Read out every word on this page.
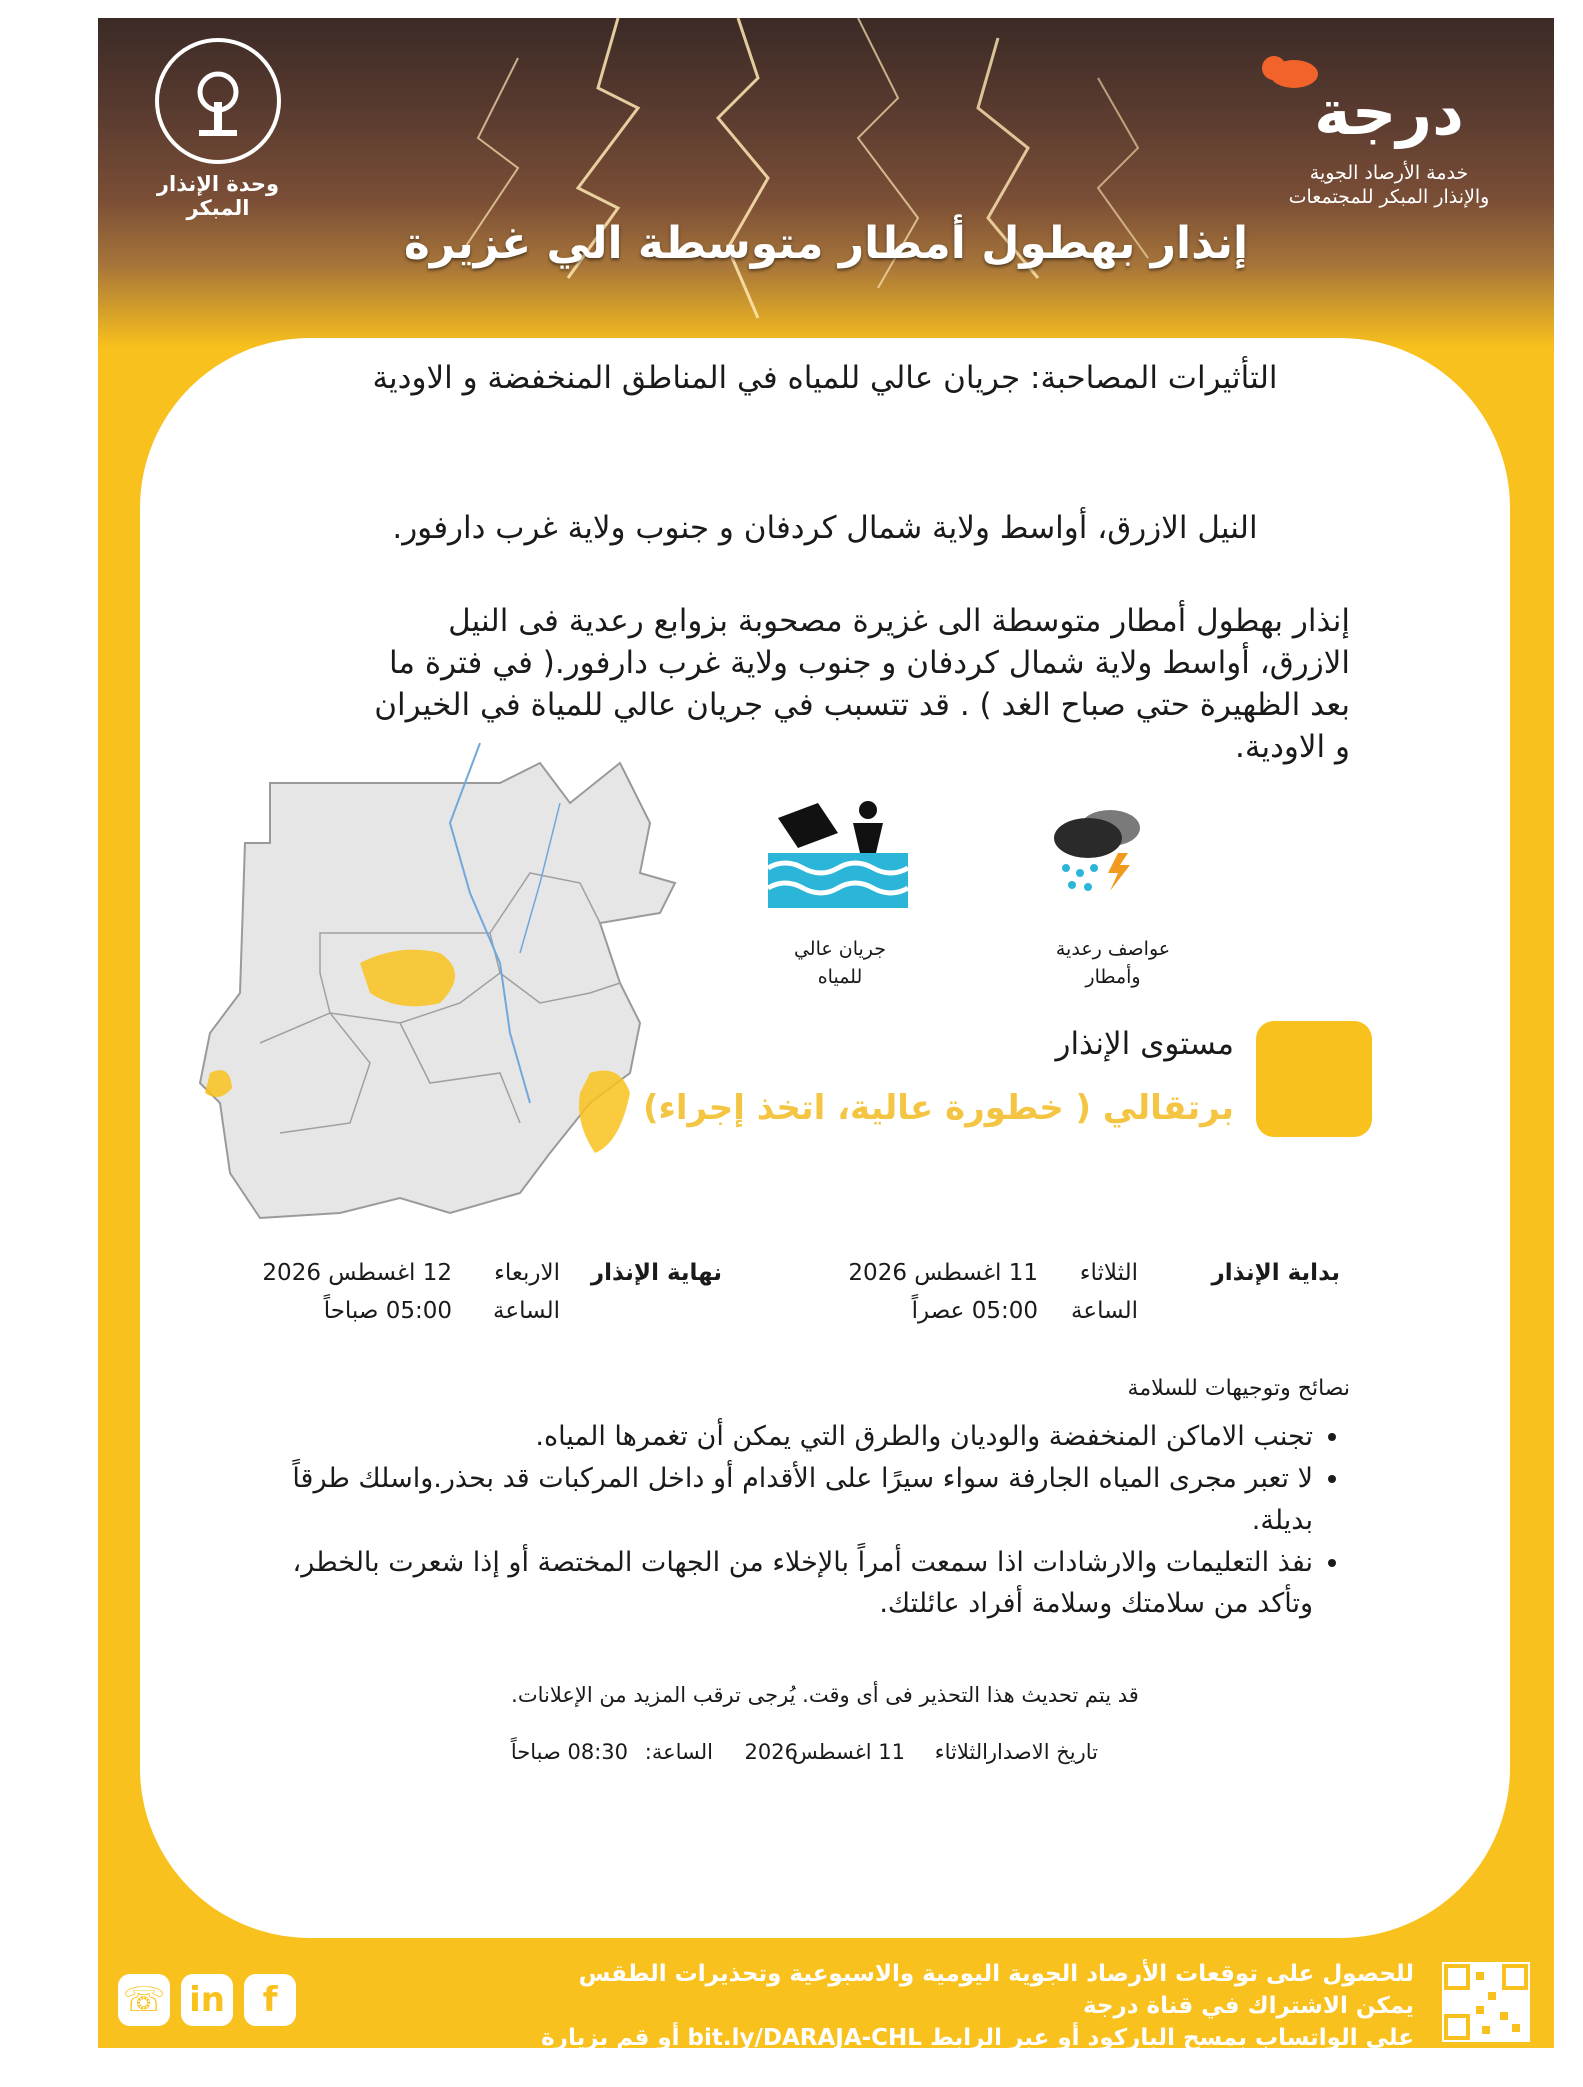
وحدة الإنذار المبكر
درجة
خدمة الأرصاد الجوية
والإنذار المبكر للمجتمعات
إنذار بهطول أمطار متوسطة الي غزيرة
التأثيرات المصاحبة: جريان عالي للمياه في المناطق المنخفضة و الاودية
النيل الازرق، أواسط ولاية شمال كردفان و جنوب ولاية غرب دارفور.
إنذار بهطول أمطار متوسطة الى غزيرة مصحوبة بزوابع رعدية فى النيل الازرق، أواسط ولاية شمال كردفان و جنوب ولاية غرب دارفور.( في فترة ما بعد الظهيرة حتي صباح الغد ) . قد تتسبب في جريان عالي للمياة في الخيران و الاودية.
جريان عالي
للمياه
عواصف رعدية
وأمطار
مستوى الإنذار
برتقالي ( خطورة عالية، اتخذ إجراء)
بداية الإنذار
الثلاثاء
الساعة
11 اغسطس 2026
05:00 عصراً
نهاية الإنذار
الاربعاء
الساعة
12 اغسطس 2026
05:00 صباحاً
نصائح وتوجيهات للسلامة
• تجنب الاماكن المنخفضة والوديان والطرق التي يمكن أن تغمرها المياه.
• لا تعبر مجرى المياه الجارفة سواء سيرًا على الأقدام أو داخل المركبات قد بحذر.واسلك طرقاً بديلة.
• نفذ التعليمات والارشادات اذا سمعت أمراً بالإخلاء من الجهات المختصة أو إذا شعرت بالخطر، وتأكد من سلامتك وسلامة أفراد عائلتك.
قد يتم تحديث هذا التحذير فى أى وقت. يُرجى ترقب المزيد من الإعلانات.
تاريخ الاصدار
الثلاثاء
11 اغسطس
2026
الساعة:
08:30 صباحاً
للحصول على توقعات الأرصاد الجوية اليومية والاسبوعية وتحذيرات الطقس يمكن الاشتراك في قناة درجة
على الواتساب بمسح الباركود أو عبر الرابط bit.ly/DARAJA-CHL أو قم بزيارة صفحتنا على الفيس بوك
f in ☏
